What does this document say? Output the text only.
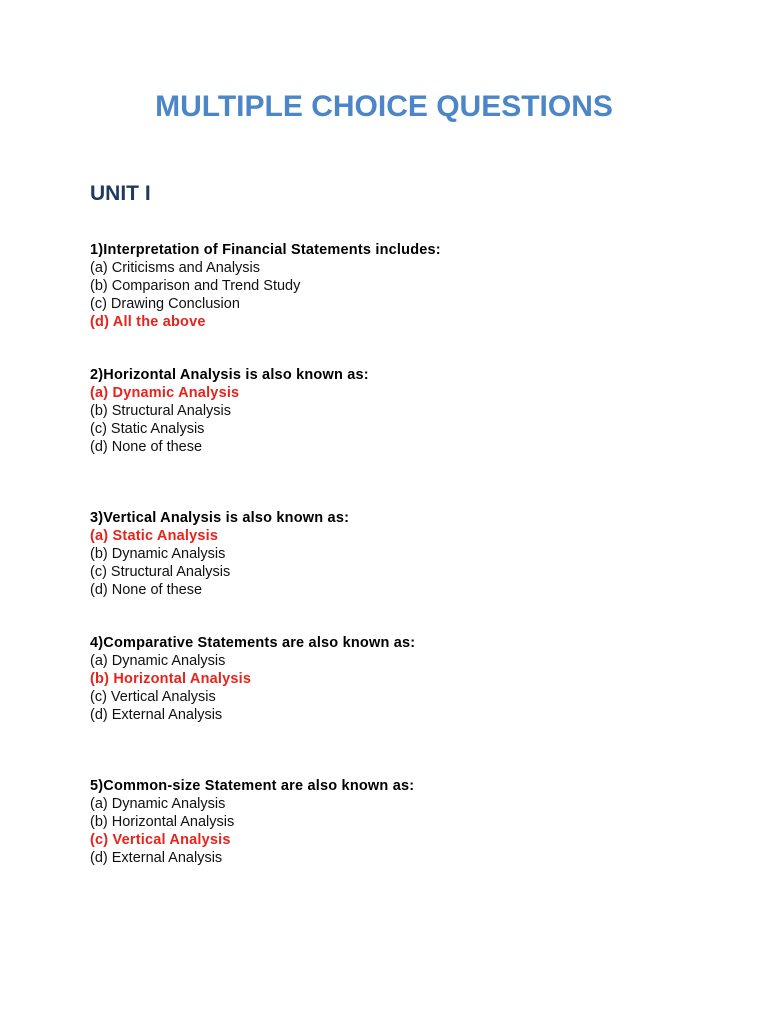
MULTIPLE CHOICE QUESTIONS
UNIT I
1)Interpretation of Financial Statements includes:
(a) Criticisms and Analysis
(b) Comparison and Trend Study
(c) Drawing Conclusion
(d) All the above
2)Horizontal Analysis is also known as:
(a) Dynamic Analysis
(b) Structural Analysis
(c) Static Analysis
(d) None of these
3)Vertical Analysis is also known as:
(a) Static Analysis
(b) Dynamic Analysis
(c) Structural Analysis
(d) None of these
4)Comparative Statements are also known as:
(a) Dynamic Analysis
(b) Horizontal Analysis
(c) Vertical Analysis
(d) External Analysis
5)Common-size Statement are also known as:
(a) Dynamic Analysis
(b) Horizontal Analysis
(c) Vertical Analysis
(d) External Analysis
